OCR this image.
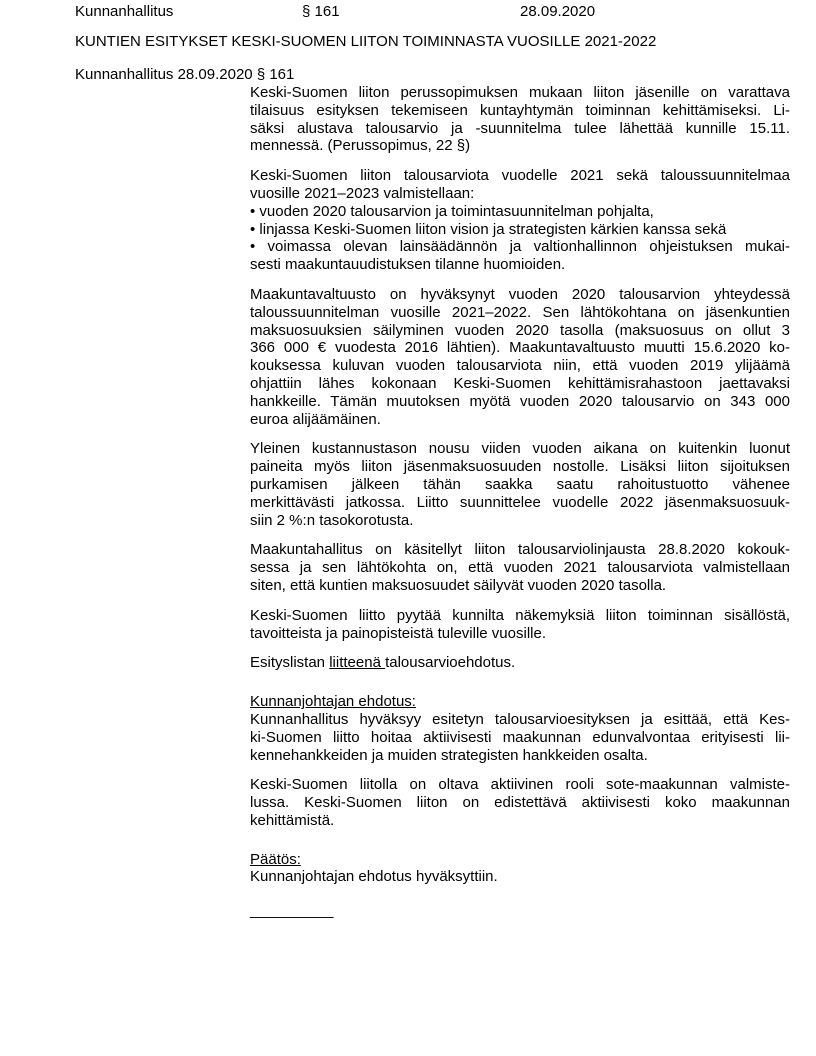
Kunnanhallitus	§ 161	28.09.2020
KUNTIEN ESITYKSET KESKI-SUOMEN LIITON TOIMINNASTA VUOSILLE 2021-2022
Kunnanhallitus 28.09.2020 § 161
Keski-Suomen liiton perussopimuksen mukaan liiton jäsenille on varattava
tilaisuus esityksen tekemiseen kuntayhtymän toiminnan kehittämiseksi. Li-
säksi alustava talousarvio ja -suunnitelma tulee lähettää kunnille 15.11.
mennessä. (Perussopimus, 22 §)
Keski-Suomen liiton talousarviota vuodelle 2021 sekä taloussuunnitelmaa
vuosille 2021–2023 valmistellaan:
• vuoden 2020 talousarvion ja toimintasuunnitelman pohjalta,
• linjassa Keski-Suomen liiton vision ja strategisten kärkien kanssa sekä
• voimassa olevan lainsäädännön ja valtionhallinnon ohjeistuksen mukai-
sesti maakuntauudistuksen tilanne huomioiden.
Maakuntavaltuusto on hyväksynyt vuoden 2020 talousarvion yhteydessä
taloussuunnitelman vuosille 2021–2022. Sen lähtökohtana on jäsenkuntien
maksuosuuksien säilyminen vuoden 2020 tasolla (maksuosuus on ollut 3
366 000 € vuodesta 2016 lähtien). Maakuntavaltuusto muutti 15.6.2020 ko-
kouksessa kuluvan vuoden talousarviota niin, että vuoden 2019 ylijäämä
ohjattiin lähes kokonaan Keski-Suomen kehittämisrahastoon jaettavaksi
hankkeille. Tämän muutoksen myötä vuoden 2020 talousarvio on 343 000
euroa alijäämäinen.
Yleinen kustannustason nousu viiden vuoden aikana on kuitenkin luonut
paineita myös liiton jäsenmaksuosuuden nostolle. Lisäksi liiton sijoituksen
purkamisen jälkeen tähän saakka saatu rahoitustuotto vähenee
merkittävästi jatkossa. Liitto suunnittelee vuodelle 2022 jäsenmaksuosuuk-
siin 2 %:n tasokorotusta.
Maakuntahallitus on käsitellyt liiton talousarviolinjausta 28.8.2020 kokouk-
sessa ja sen lähtökohta on, että vuoden 2021 talousarviota valmistellaan
siten, että kuntien maksuosuudet säilyvät vuoden 2020 tasolla.
Keski-Suomen liitto pyytää kunnilta näkemyksiä liiton toiminnan sisällöstä,
tavoitteista ja painopisteistä tuleville vuosille.
Esityslistan liitteenä talousarvioehdotus.
Kunnanjohtajan ehdotus:
Kunnanhallitus hyväksyy esitetyn talousarvioesityksen ja esittää, että Kes-
ki-Suomen liitto hoitaa aktiivisesti maakunnan edunvalvontaa erityisesti lii-
kennehankkeiden ja muiden strategisten hankkeiden osalta.
Keski-Suomen liitolla on oltava aktiivinen rooli sote-maakunnan valmiste-
lussa. Keski-Suomen liiton on edistettävä aktiivisesti koko maakunnan
kehittämistä.
Päätös:
Kunnanjohtajan ehdotus hyväksyttiin.
__________
